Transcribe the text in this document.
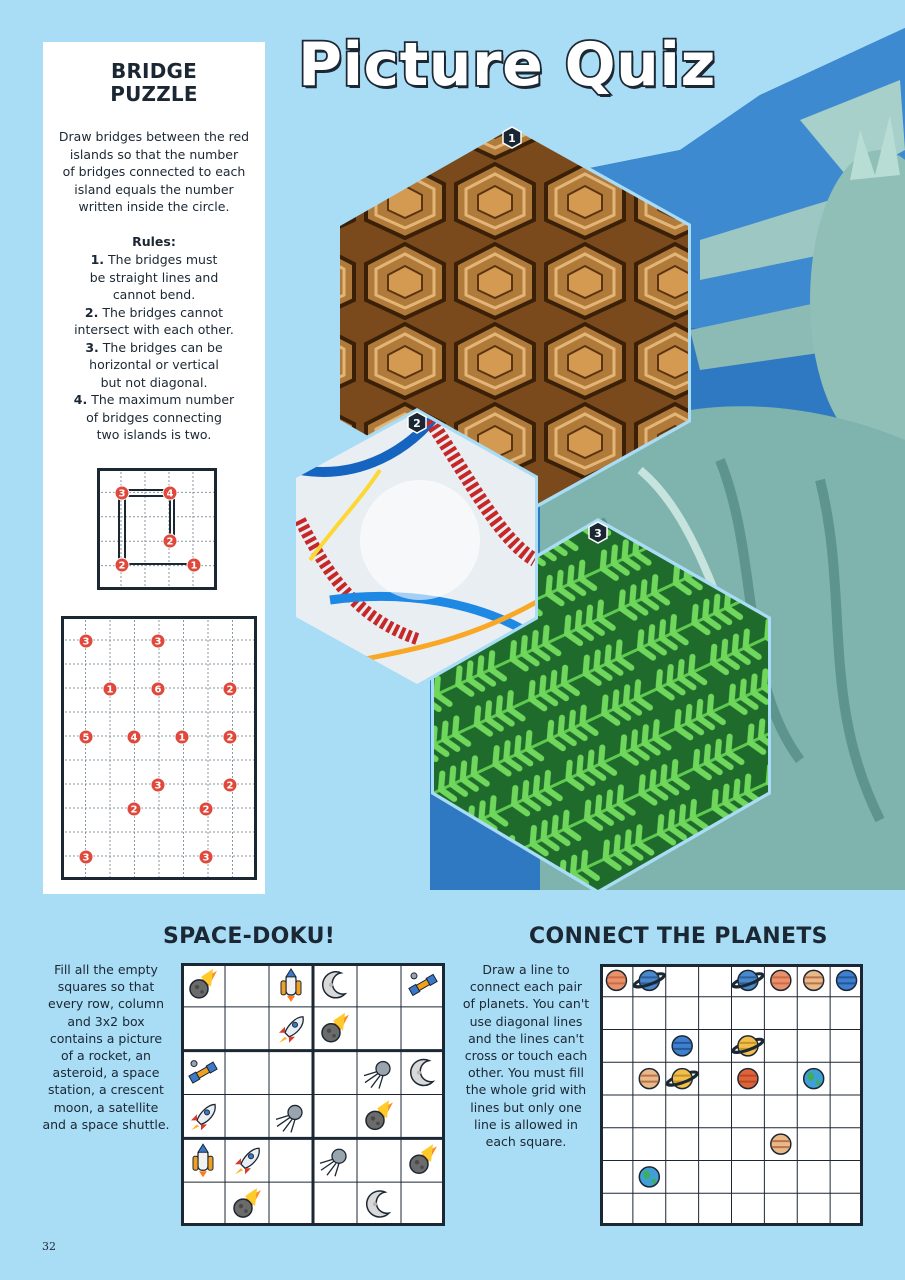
1
2
3
Picture Quiz
BRIDGE
PUZZLE
Draw bridges between the red
islands so that the number
of bridges connected to each
island equals the number
written inside the circle.
Rules:
1. The bridges must
be straight lines and
cannot bend.
2. The bridges cannot
intersect with each other.
3. The bridges can be
horizontal or vertical
but not diagonal.
4. The maximum number
of bridges connecting
two islands is two.
3	4
2
2	1
3	3
1	6	2
5	4	1	2
3	2
2	2
3	3
SPACE-DOKU!
Fill all the empty
squares so that
every row, column
and 3x2 box
contains a picture
of a rocket, an
asteroid, a space
station, a crescent
moon, a satellite
and a space shuttle.
CONNECT THE PLANETS
Draw a line to
connect each pair
of planets. You can't
use diagonal lines
and the lines can't
cross or touch each
other. You must fill
the whole grid with
lines but only one
line is allowed in
each square.
32
